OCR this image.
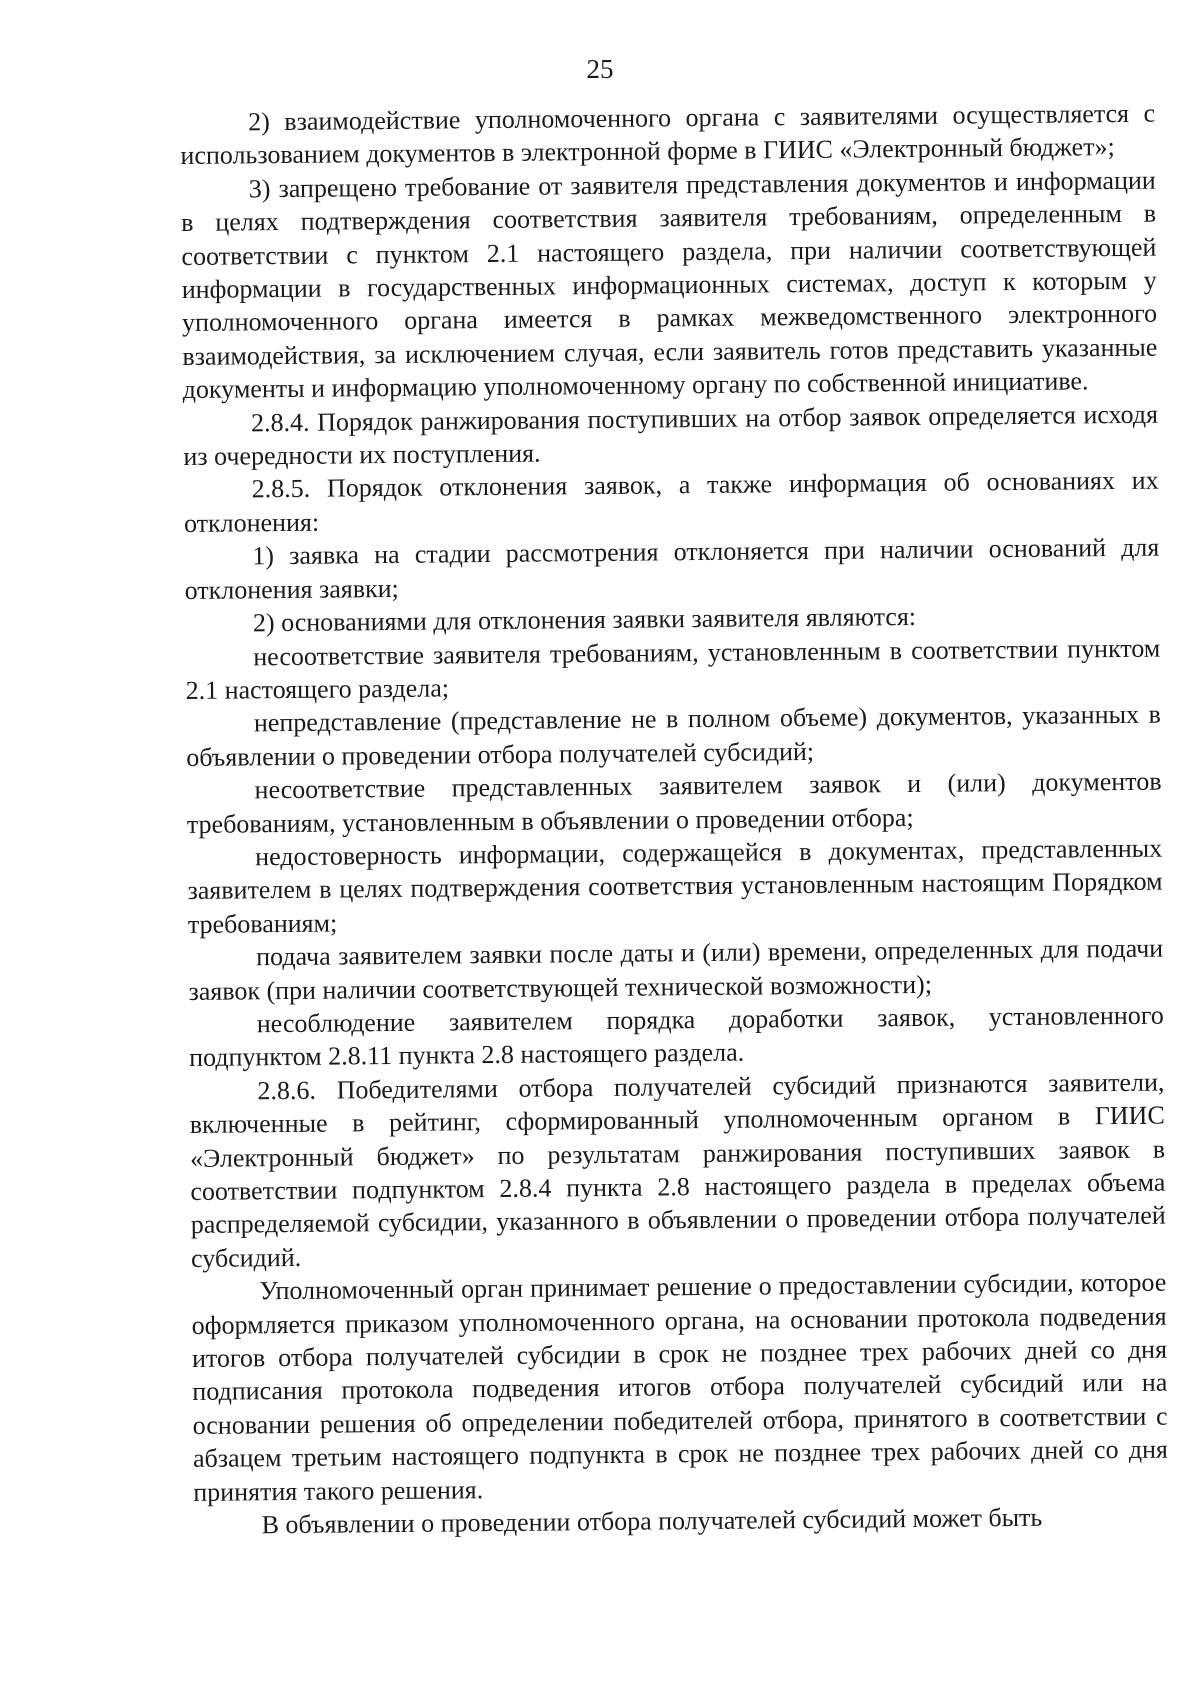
25

2) взаимодействие уполномоченного органа с заявителями осуществляется с использованием документов в электронной форме в ГИИС «Электронный бюджет»;

3) запрещено требование от заявителя представления документов и информации в целях подтверждения соответствия заявителя требованиям, определенным в соответствии с пунктом 2.1 настоящего раздела, при наличии соответствующей информации в государственных информационных системах, доступ к которым у уполномоченного органа имеется в рамках межведомственного электронного взаимодействия, за исключением случая, если заявитель готов представить указанные документы и информацию уполномоченному органу по собственной инициативе.

2.8.4. Порядок ранжирования поступивших на отбор заявок определяется исходя из очередности их поступления.

2.8.5. Порядок отклонения заявок, а также информация об основаниях их отклонения:

1) заявка на стадии рассмотрения отклоняется при наличии оснований для отклонения заявки;

2) основаниями для отклонения заявки заявителя являются:

несоответствие заявителя требованиям, установленным в соответствии пунктом 2.1 настоящего раздела;

непредставление (представление не в полном объеме) документов, указанных в объявлении о проведении отбора получателей субсидий;

несоответствие представленных заявителем заявок и (или) документов требованиям, установленным в объявлении о проведении отбора;

недостоверность информации, содержащейся в документах, представленных заявителем в целях подтверждения соответствия установленным настоящим Порядком требованиям;

подача заявителем заявки после даты и (или) времени, определенных для подачи заявок (при наличии соответствующей технической возможности);

несоблюдение заявителем порядка доработки заявок, установленного подпунктом 2.8.11 пункта 2.8 настоящего раздела.

2.8.6. Победителями отбора получателей субсидий признаются заявители, включенные в рейтинг, сформированный уполномоченным органом в ГИИС «Электронный бюджет» по результатам ранжирования поступивших заявок в соответствии подпунктом 2.8.4 пункта 2.8 настоящего раздела в пределах объема распределяемой субсидии, указанного в объявлении о проведении отбора получателей субсидий.

Уполномоченный орган принимает решение о предоставлении субсидии, которое оформляется приказом уполномоченного органа, на основании протокола подведения итогов отбора получателей субсидии в срок не позднее трех рабочих дней со дня подписания протокола подведения итогов отбора получателей субсидий или на основании решения об определении победителей отбора, принятого в соответствии с абзацем третьим настоящего подпункта в срок не позднее трех рабочих дней со дня принятия такого решения.

В объявлении о проведении отбора получателей субсидий может быть
